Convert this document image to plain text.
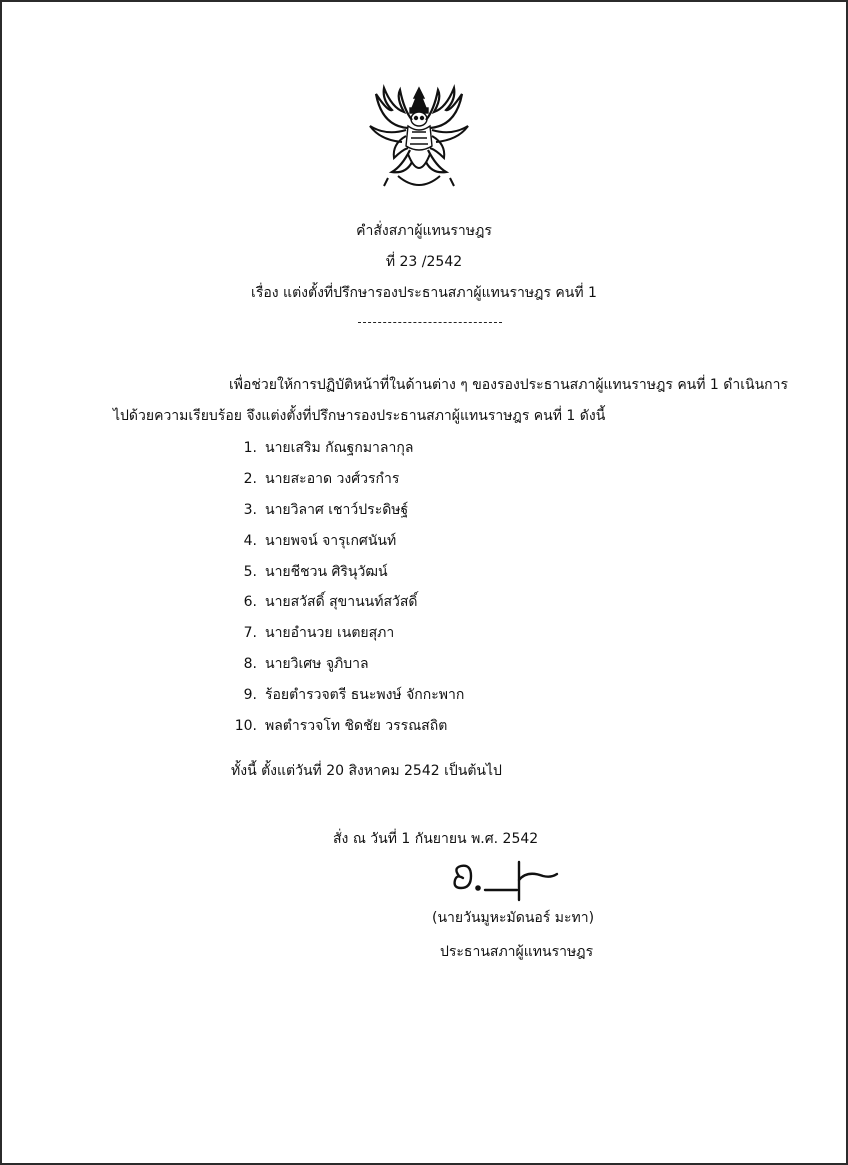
คำสั่งสภาผู้แทนราษฎร
ที่ 23 /2542
เรื่อง แต่งตั้งที่ปรึกษารองประธานสภาผู้แทนราษฎร คนที่ 1
เพื่อช่วยให้การปฏิบัติหน้าที่ในด้านต่าง ๆ ของรองประธานสภาผู้แทนราษฎร คนที่ 1 ดำเนินการ
ไปด้วยความเรียบร้อย จึงแต่งตั้งที่ปรึกษารองประธานสภาผู้แทนราษฎร คนที่ 1 ดังนี้
1. นายเสริม กัณฐกมาลากุล
2. นายสะอาด วงศ์วรกำร
3. นายวิลาศ เชาว์ประดิษฐ์
4. นายพจน์ จารุเกศนันท์
5. นายชีชวน ศิรินุวัฒน์
6. นายสวัสดิ์ สุขานนท์สวัสดิ์
7. นายอำนวย เนตยสุภา
8. นายวิเศษ จูภิบาล
9. ร้อยตำรวจตรี ธนะพงษ์ จักกะพาก
10. พลตำรวจโท ชิดชัย วรรณสถิต
ทั้งนี้ ตั้งแต่วันที่ 20 สิงหาคม 2542 เป็นต้นไป
สั่ง ณ วันที่ 1 กันยายน พ.ศ. 2542
(นายวันมูหะมัดนอร์ มะทา)
ประธานสภาผู้แทนราษฎร
